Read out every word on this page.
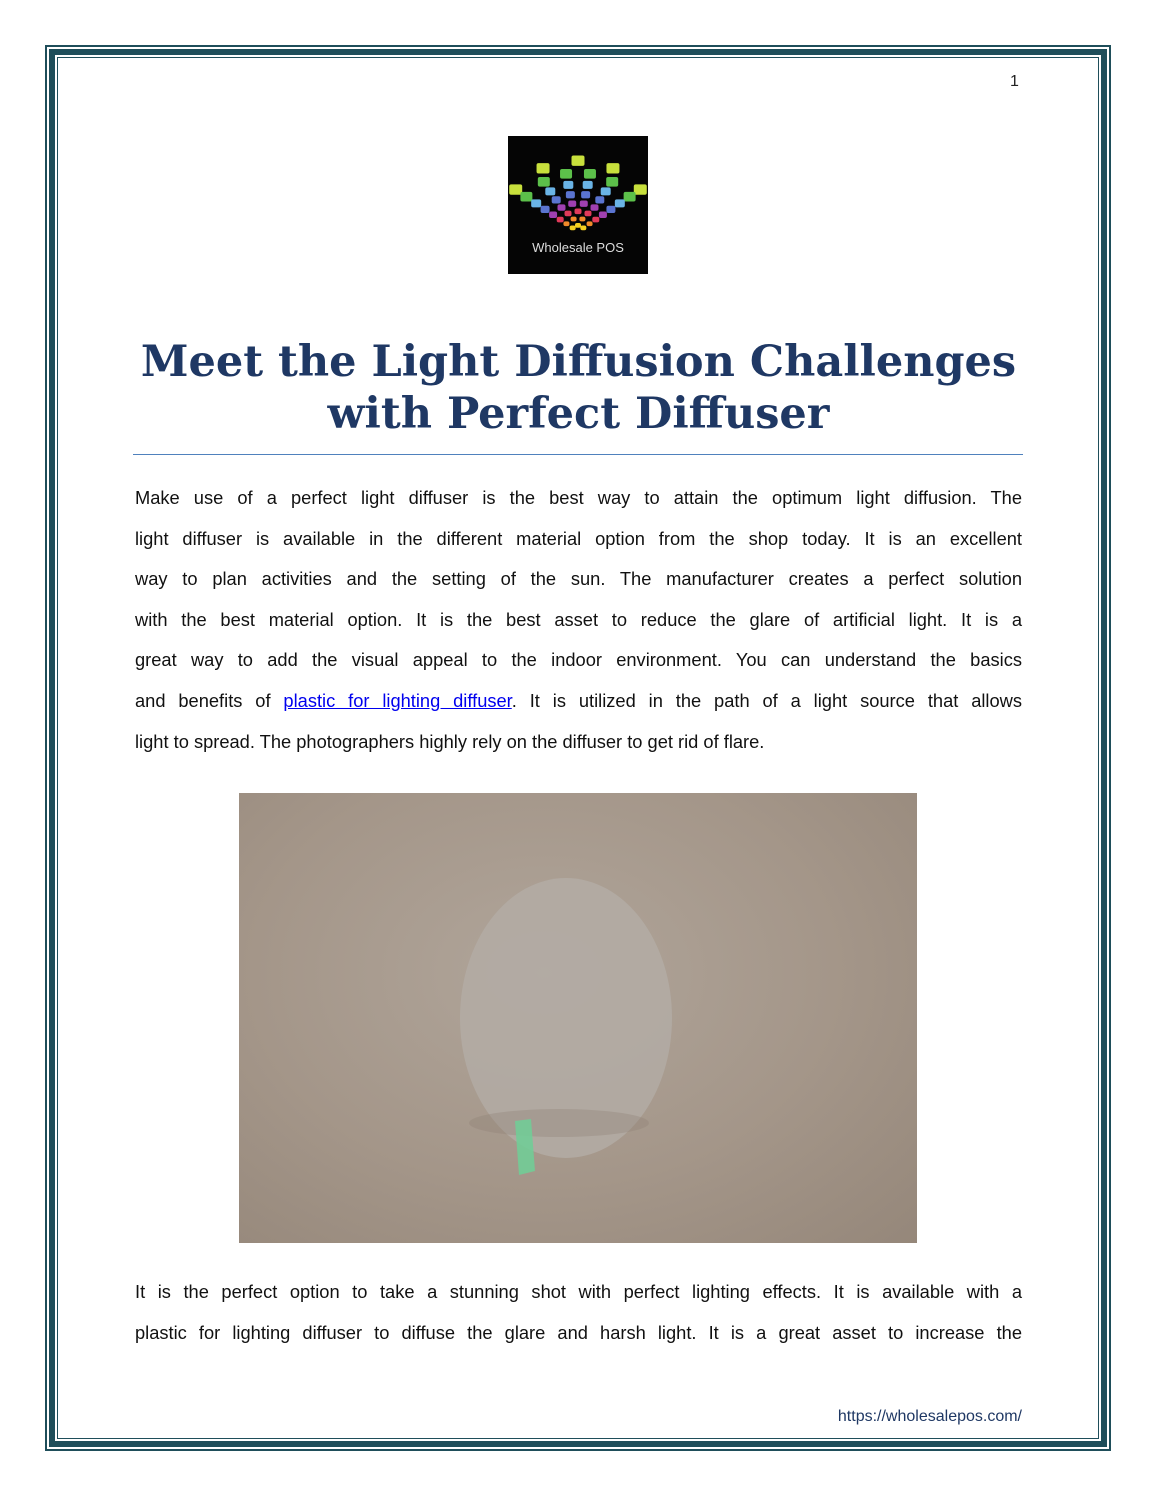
1
Wholesale POS
Meet the Light Diffusion Challenges
with Perfect Diffuser
Make use of a perfect light diffuser is the best way to attain the optimum light diffusion. The
light diffuser is available in the different material option from the shop today. It is an excellent
way to plan activities and the setting of the sun. The manufacturer creates a perfect solution
with the best material option. It is the best asset to reduce the glare of artificial light. It is a
great way to add the visual appeal to the indoor environment. You can understand the basics
and benefits of plastic for lighting diffuser. It is utilized in the path of a light source that allows
light to spread. The photographers highly rely on the diffuser to get rid of flare.
It is the perfect option to take a stunning shot with perfect lighting effects. It is available with a
plastic for lighting diffuser to diffuse the glare and harsh light. It is a great asset to increase the
https://wholesalepos.com/
